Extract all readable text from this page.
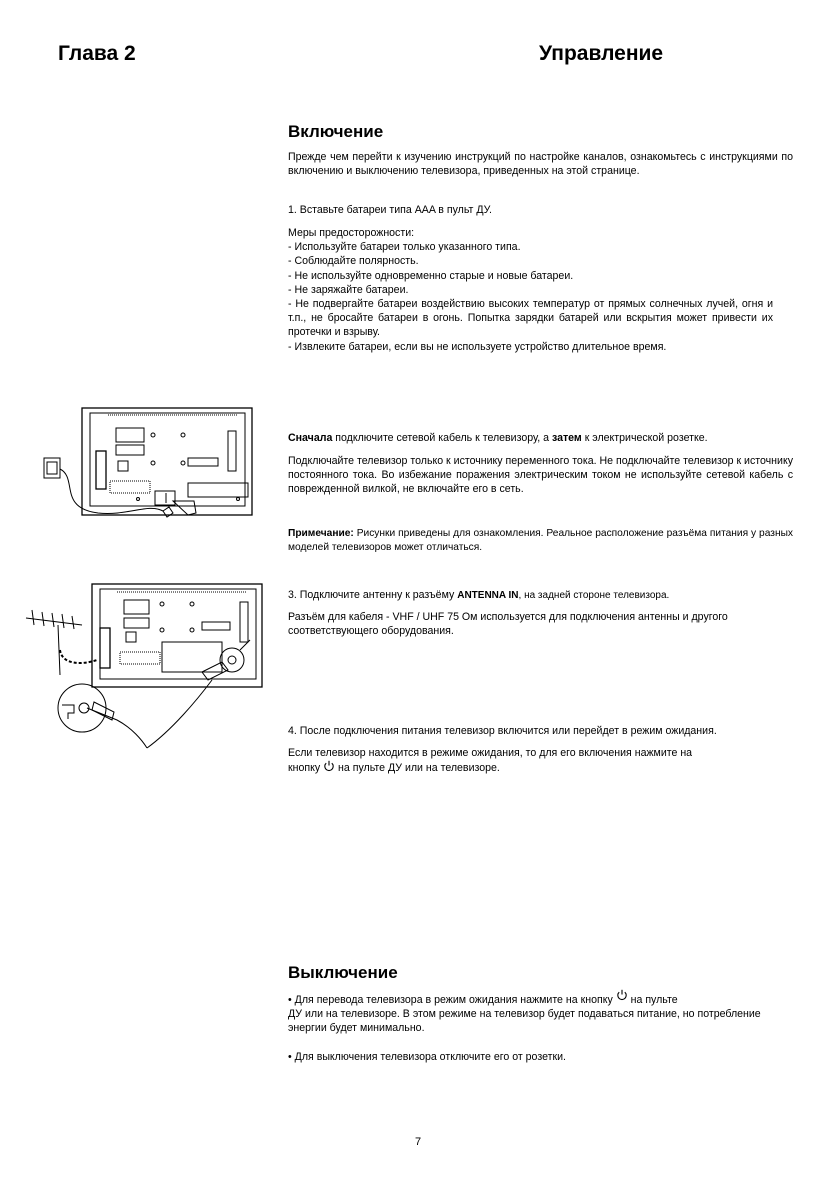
Глава 2	Управление
Включение
Прежде чем перейти к изучению инструкций по настройке каналов, ознакомьтесь с инструкциями по включению и выключению телевизора, приведенных на этой странице.
1. Вставьте батареи типа AAA в пульт ДУ.
Меры предосторожности:
- Используйте батареи только указанного типа.
- Соблюдайте полярность.
- Не используйте одновременно старые и новые батареи.
- Не заряжайте батареи.
- Не подвергайте батареи воздействию высоких температур от прямых солнечных лучей, огня и т.п., не бросайте батареи в огонь. Попытка зарядки батарей или вскрытия может привести их протечки и взрыву.
- Извлеките батареи, если вы не используете устройство длительное время.
Сначала подключите сетевой кабель к телевизору, а затем к электрической розетке.
Подключайте телевизор только к источнику переменного тока. Не подключайте телевизор к источнику постоянного тока. Во избежание поражения электрическим током не используйте сетевой кабель с поврежденной вилкой, не включайте его в сеть.
Примечание: Рисунки приведены для ознакомления. Реальное расположение разъёма питания у разных моделей телевизоров может отличаться.
3. Подключите антенну к разъёму ANTENNA IN, на задней стороне телевизора.
Разъём для кабеля - VHF / UHF 75 Ом используется для подключения антенны и другого соответствующего оборудования.
4. После подключения питания телевизор включится или перейдет в режим ожидания.
Если телевизор находится в режиме ожидания, то для его включения нажмите на
кнопку  на пульте ДУ или на телевизоре.
Выключение
• Для перевода телевизора в режим ожидания нажмите на кнопку  на пульте
ДУ или на телевизоре. В этом режиме на телевизор будет подаваться питание, но потребление энергии будет минимально.
• Для выключения телевизора отключите его от розетки.
7
